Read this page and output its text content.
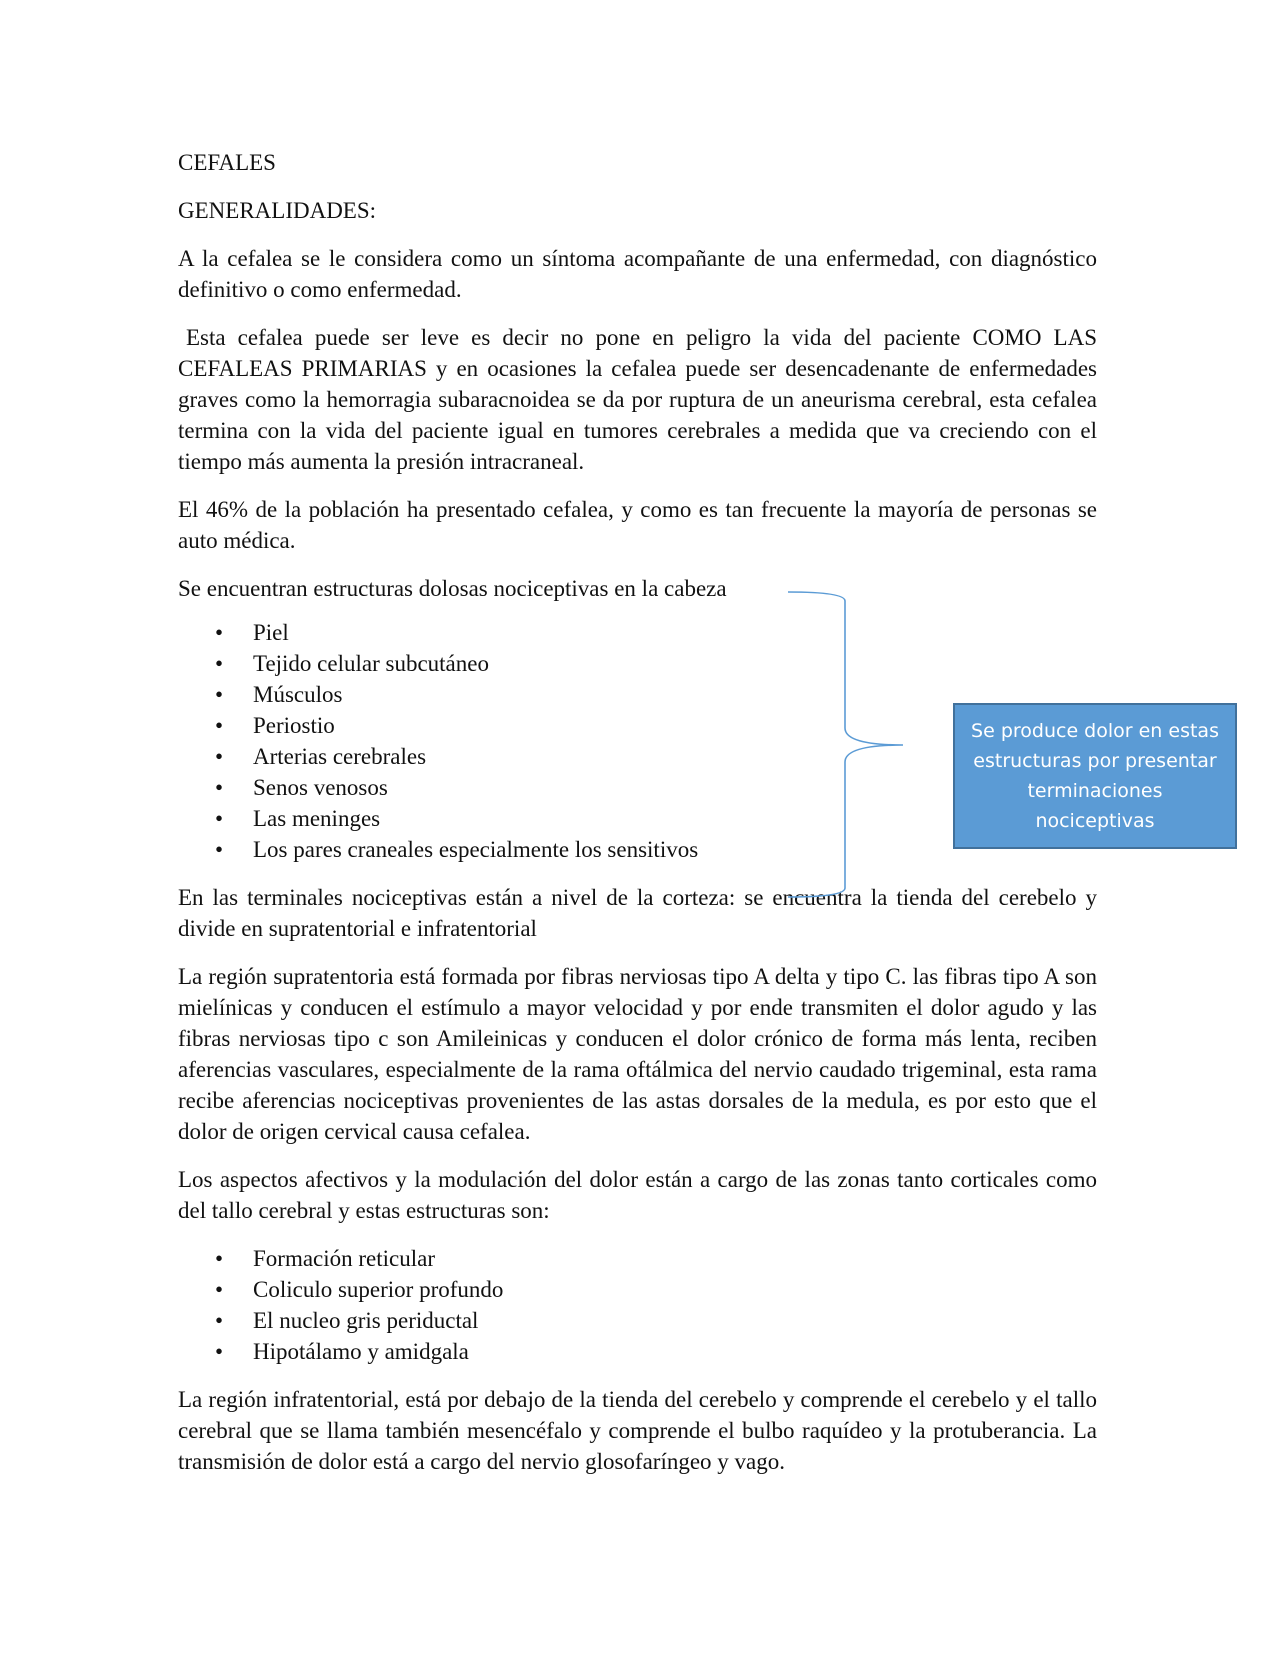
CEFALES

GENERALIDADES:

A la cefalea se le considera como un síntoma acompañante de una enfermedad, con diagnóstico definitivo o como enfermedad.

Esta cefalea puede ser leve es decir no pone en peligro la vida del paciente COMO LAS CEFALEAS PRIMARIAS y en ocasiones la cefalea puede ser desencadenante de enfermedades graves como la hemorragia subaracnoidea se da por ruptura de un aneurisma cerebral, esta cefalea termina con la vida del paciente igual en tumores cerebrales a medida que va creciendo con el tiempo más aumenta la presión intracraneal.

El 46% de la población ha presentado cefalea, y como es tan frecuente la mayoría de personas se auto médica.

Se encuentran estructuras dolosas nociceptivas en la cabeza

• Piel
• Tejido celular subcutáneo
• Músculos
• Periostio
• Arterias cerebrales
• Senos venosos
• Las meninges
• Los pares craneales especialmente los sensitivos

En las terminales nociceptivas están a nivel de la corteza: se encuentra la tienda del cerebelo y divide en supratentorial e infratentorial

La región supratentoria está formada por fibras nerviosas tipo A delta y tipo C. las fibras tipo A son mielínicas y conducen el estímulo a mayor velocidad y por ende transmiten el dolor agudo y las fibras nerviosas tipo c son Amileinicas y conducen el dolor crónico de forma más lenta, reciben aferencias vasculares, especialmente de la rama oftálmica del nervio caudado trigeminal, esta rama recibe aferencias nociceptivas provenientes de las astas dorsales de la medula, es por esto que el dolor de origen cervical causa cefalea.

Los aspectos afectivos y la modulación del dolor están a cargo de las zonas tanto corticales como del tallo cerebral y estas estructuras son:

• Formación reticular
• Coliculo superior profundo
• El nucleo gris periductal
• Hipotálamo y amidgala

La región infratentorial, está por debajo de la tienda del cerebelo y comprende el cerebelo y el tallo cerebral que se llama también mesencéfalo y comprende el bulbo raquídeo y la protuberancia. La transmisión de dolor está a cargo del nervio glosofaríngeo y vago.

Se produce dolor en estas estructuras por presentar terminaciones nociceptivas
